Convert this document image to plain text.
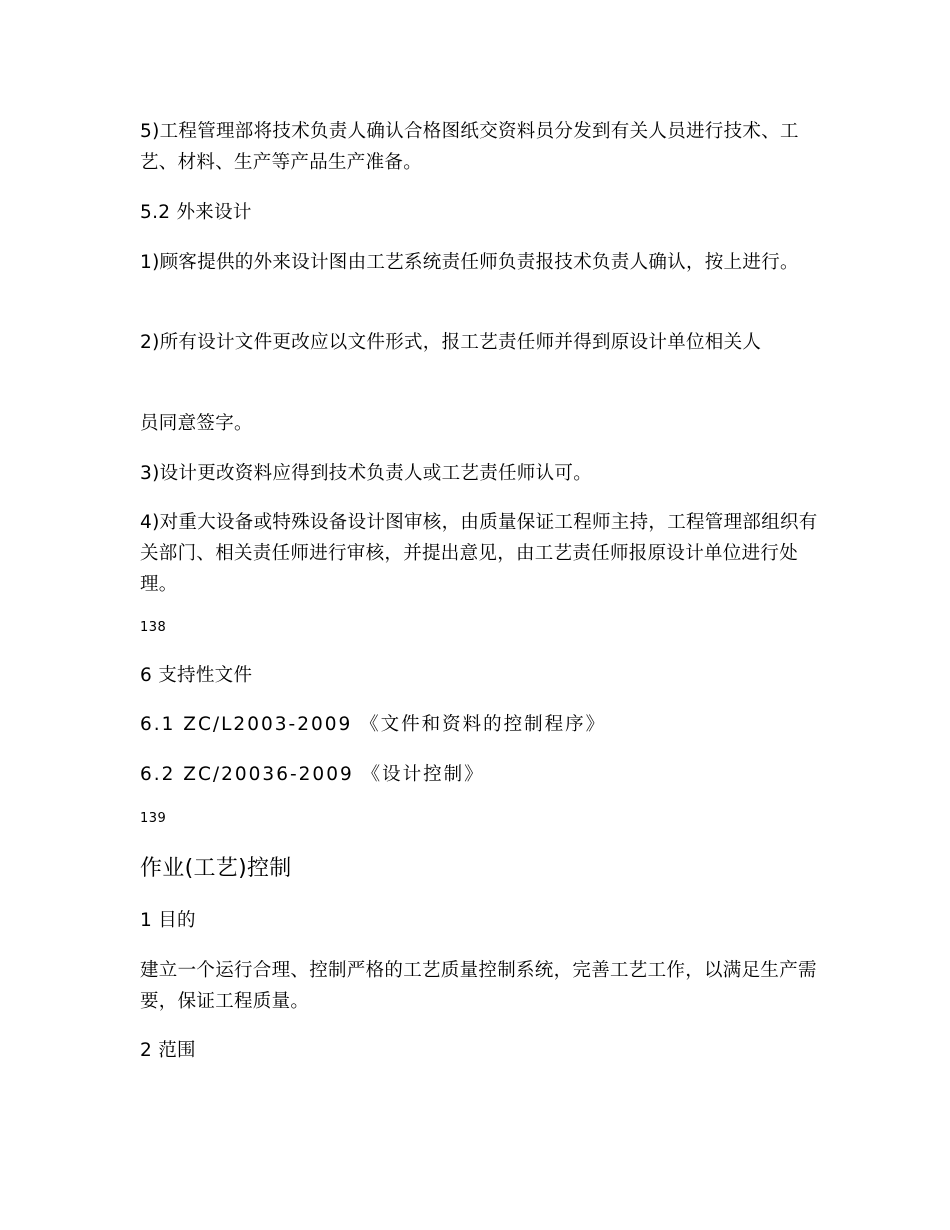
5)工程管理部将技术负责人确认合格图纸交资料员分发到有关人员进行技术、工艺、材料、生产等产品生产准备。

5.2 外来设计

1)顾客提供的外来设计图由工艺系统责任师负责报技术负责人确认，按上进行。

2)所有设计文件更改应以文件形式，报工艺责任师并得到原设计单位相关人

员同意签字。

3)设计更改资料应得到技术负责人或工艺责任师认可。

4)对重大设备或特殊设备设计图审核，由质量保证工程师主持，工程管理部组织有关部门、相关责任师进行审核，并提出意见，由工艺责任师报原设计单位进行处理。

138

6 支持性文件

6.1 ZC/L2003-2009 《文件和资料的控制程序》

6.2 ZC/20036-2009 《设计控制》

139

作业(工艺)控制

1 目的

建立一个运行合理、控制严格的工艺质量控制系统，完善工艺工作，以满足生产需要，保证工程质量。

2 范围
